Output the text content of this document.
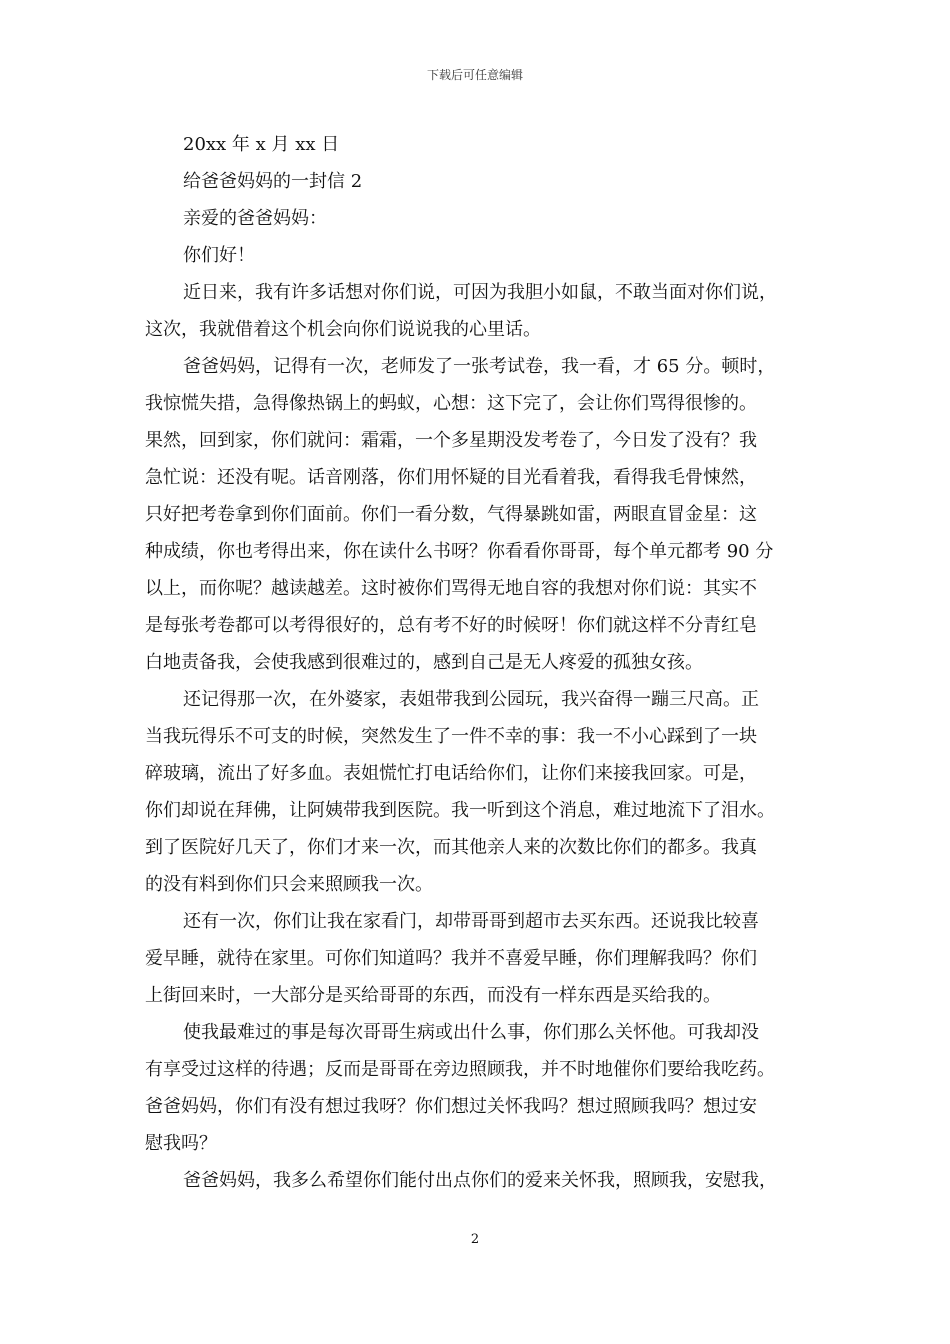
下载后可任意编辑
20xx 年 x 月 xx 日
给爸爸妈妈的一封信 2
亲爱的爸爸妈妈：
你们好！
近日来，我有许多话想对你们说，可因为我胆小如鼠，不敢当面对你们说，
这次，我就借着这个机会向你们说说我的心里话。
爸爸妈妈，记得有一次，老师发了一张考试卷，我一看，才 65 分。顿时，
我惊慌失措，急得像热锅上的蚂蚁，心想：这下完了，会让你们骂得很惨的。
果然，回到家，你们就问：霜霜，一个多星期没发考卷了，今日发了没有？我
急忙说：还没有呢。话音刚落，你们用怀疑的目光看着我，看得我毛骨悚然，
只好把考卷拿到你们面前。你们一看分数，气得暴跳如雷，两眼直冒金星：这
种成绩，你也考得出来，你在读什么书呀？你看看你哥哥，每个单元都考 90 分
以上，而你呢？越读越差。这时被你们骂得无地自容的我想对你们说：其实不
是每张考卷都可以考得很好的，总有考不好的时候呀！你们就这样不分青红皂
白地责备我，会使我感到很难过的，感到自己是无人疼爱的孤独女孩。
还记得那一次，在外婆家，表姐带我到公园玩，我兴奋得一蹦三尺高。正
当我玩得乐不可支的时候，突然发生了一件不幸的事：我一不小心踩到了一块
碎玻璃，流出了好多血。表姐慌忙打电话给你们，让你们来接我回家。可是，
你们却说在拜佛，让阿姨带我到医院。我一听到这个消息，难过地流下了泪水。
到了医院好几天了，你们才来一次，而其他亲人来的次数比你们的都多。我真
的没有料到你们只会来照顾我一次。
还有一次，你们让我在家看门，却带哥哥到超市去买东西。还说我比较喜
爱早睡，就待在家里。可你们知道吗？我并不喜爱早睡，你们理解我吗？你们
上街回来时，一大部分是买给哥哥的东西，而没有一样东西是买给我的。
使我最难过的事是每次哥哥生病或出什么事，你们那么关怀他。可我却没
有享受过这样的待遇；反而是哥哥在旁边照顾我，并不时地催你们要给我吃药。
爸爸妈妈，你们有没有想过我呀？你们想过关怀我吗？想过照顾我吗？想过安
慰我吗？
爸爸妈妈，我多么希望你们能付出点你们的爱来关怀我，照顾我，安慰我，
2
